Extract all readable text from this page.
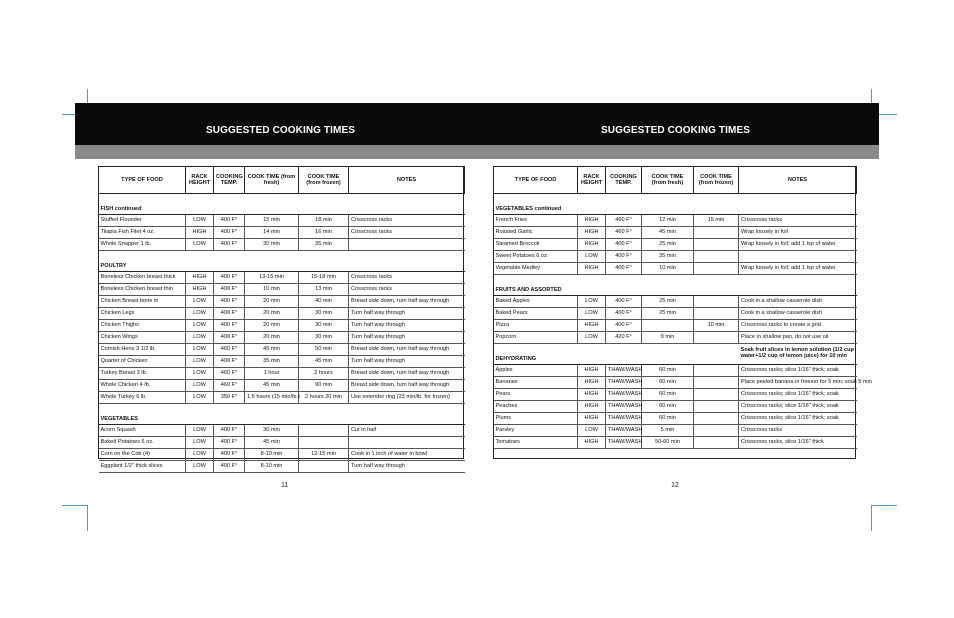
SUGGESTED COOKING TIMES	SUGGESTED COOKING TIMES
TYPE OF FOOD	RACK HEIGHT	COOKING TEMP.	COOK TIME (from fresh)	COOK TIME (from frozen)	NOTES
FISH continued					
Stuffed Flounder	LOW	400 F°	15 min	18 min	Crisscross racks
Tilapia Fish Filet 4 oz.	HIGH	400 F°	14 min	16 min	Crisscross racks
Whole Snapper 1 lb.	LOW	400 F°	30 min	35 min	
POULTRY					
Boneless Chicken breast thick	HIGH	400 F°	13-15 min	15-18 min	Crisscross racks
Boneless Chicken breast thin	HIGH	400 F°	10 min	13 min	Crisscross racks
Chicken Breast bone in	LOW	400 F°	20 min	40 min	Breast side down, turn half way through
Chicken Legs	LOW	400 F°	20 min	30 min	Turn half way through
Chicken Thighs	LOW	400 F°	20 min	30 min	Turn half way through
Chicken Wings	LOW	400 F°	20 min	30 min	Turn half way through
Cornish Hens 3 1/2 lb.	LOW	460 F°	45 min	50 min	Breast side down, turn half way through
Quarter of Chicken	LOW	400 F°	35 min	45 min	Turn half way through
Turkey Breast 3 lb.	LOW	460 F°	1 hour	2 hours	Breast side down, turn half way through
Whole Chicken 4 lb.	LOW	460 F°	45 min	90 min	Breast side down, turn half way through
Whole Turkey 6 lb.	LOW	350 F°	1.5 hours (15 min/lb.)	2 hours 20 min	Use extender ring (23 min/lb. for frozen)
VEGETABLES					
Acorn Squash	LOW	400 F°	30 min		Cut in half
Baked Potatoes 6 oz.	LOW	400 F°	45 min		
Corn on the Cob (4)	LOW	400 F°	8-10 min	12-15 min	Cook in 1 inch of water in bowl
Eggplant 1/2" thick slices	LOW	400 F°	8-10 min		Turn half way through
11
TYPE OF FOOD	RACK HEIGHT	COOKING TEMP.	COOK TIME (from fresh)	COOK TIME (from frozen)	NOTES
VEGETABLES continued					
French Fries	HIGH	460 F°	12 min	15 min	Crisscross racks
Roasted Garlic	HIGH	460 F°	45 min		Wrap loosely in foil
Steamed Broccoli	HIGH	400 F°	25 min		Wrap loosely in foil; add 1 tsp of water
Sweet Potatoes 6 oz.	LOW	400 F°	35 min		
Vegetable Medley	HIGH	400 F°	10 min		Wrap loosely in foil; add 1 tsp of water
FRUITS AND ASSORTED					
Baked Apples	LOW	400 F°	25 min		Cook in a shallow casserole dish
Baked Pears	LOW	400 F°	25 min		Cook in a shallow casserole dish
Pizza	HIGH	400 F°		10 min	Crisscross racks to create a grid
Popcorn	LOW	420 F°	9 min		Place in shallow pan, do not use oil
DEHYDRATING					Soak fruit slices in lemon solution (1/2 cup water+1/2 cup of lemon juice) for 10 min
Apples	HIGH	THAW/WASH	60 min		Crisscross racks; slice 1/16" thick; soak
Bananas	HIGH	THAW/WASH	60 min		Place peeled banana in freezer for 5 min; soak 5 min
Pears	HIGH	THAW/WASH	60 min		Crisscross racks; slice 1/16" thick; soak
Peaches	HIGH	THAW/WASH	60 min		Crisscross racks; slice 1/16" thick; soak
Plums	HIGH	THAW/WASH	60 min		Crisscross racks; slice 1/16" thick; soak
Parsley	LOW	THAW/WASH	5 min		Crisscross racks
Tomatoes	HIGH	THAW/WASH	50-60 min		Crisscross racks, slice 1/16" thick
12
